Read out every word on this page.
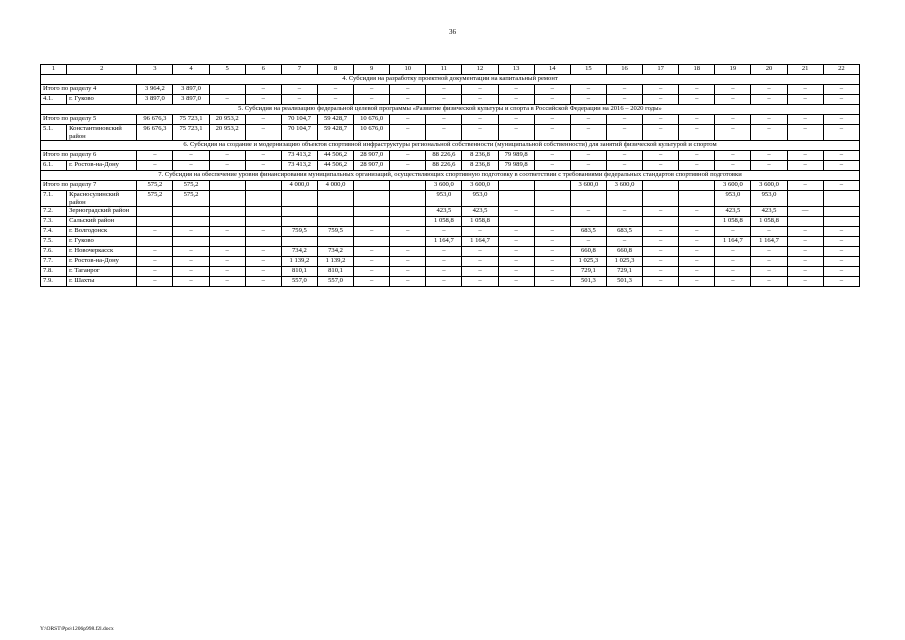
36
1	2	3	4	5	6	7	8	9	10	11	12	13	14	15	16	17	18	19	20	21	22
4. Субсидия на разработку проектной документации на капитальный ремонт																					
Итого по разделу 4		3 964,2	3 897,0		–	–	–	–	–	–	–	–	–	–	–	–	–	–	–	–	–
4.1.	г. Гуково	3 897,0	3 897,0	–	–	–	–	–	–	–	–	–	–	–	–	–	–	–	–	–	–
5. Субсидия на реализацию федеральной целевой программы «Развитие физической культуры и спорта в Российской Федерации на 2016 – 2020 годы»																					
Итого по разделу 5		96 676,3	75 723,1	20 953,2	–	70 104,7	59 428,7	10 676,0	–	–	–	–	–	–	–	–	–	–	–	–	–
5.1.	Константиновский район	96 676,3	75 723,1	20 953,2	–	70 104,7	59 428,7	10 676,0	–	–	–	–	–	–	–	–	–	–	–	–	–
6. Субсидия на создание и модернизацию объектов спортивной инфраструктуры региональной собственности (муниципальной собственности) для занятий физической культурой и спортом																					
Итого по разделу 6		–	–	–	–	73 413,2	44 506,2	28 907,0	–	88 226,6	8 236,8	79 989,8	–	–	–	–	–	–	–	–	–
6.1.	г. Ростов-на-Дону	–	–	–	–	73 413,2	44 506,2	28 907,0	–	88 226,6	8 236,8	79 989,8	–	–	–	–	–	–	–	–	–
7. Субсидия на обеспечение уровня финансирования муниципальных организаций, осуществляющих спортивную подготовку в соответствии с требованиями федеральных стандартов спортивной подготовки																					
Итого по разделу 7		575,2	575,2			4 000,0	4 000,0			3 600,0	3 600,0			3 600,0	3 600,0			3 600,0	3 600,0	–	–
7.1.	Красносулинский район	575,2	575,2							953,0	953,0							953,0	953,0		
7.2.	Зерноградский район									423,5	423,5	–	–	–	–	–	–	423,5	423,5	—	
7.3.	Сальский район									1 058,8	1 058,8							1 058,8	1 058,8		
7.4.	г. Волгодонск	–	–	–	–	759,5	759,5	–	–	–	–	–	–	683,5	683,5	–	–	–	–	–	–
7.5.	г. Гуково									1 164,7	1 164,7	–	–	–	–	–	–	1 164,7	1 164,7	–	–
7.6.	г. Новочеркасск	–	–	–	–	734,2	734,2	–	–	–	–	–	–	660,8	660,8	–	–	–	–	–	–
7.7.	г. Ростов-на-Дону	–	–	–	–	1 139,2	1 139,2	–	–	–	–	–	–	1 025,3	1 025,3	–	–	–	–	–	–
7.8.	г. Таганрог	–	–	–	–	810,1	810,1	–	–	–	–	–	–	729,1	729,1	–	–	–	–	–	–
7.9.	г. Шахты	–	–	–	–	557,0	557,0	–	–	–	–	–	–	501,3	501,3	–	–	–	–	–	–
Y:\ORST\Ppo\1206p998.f2l.docx
